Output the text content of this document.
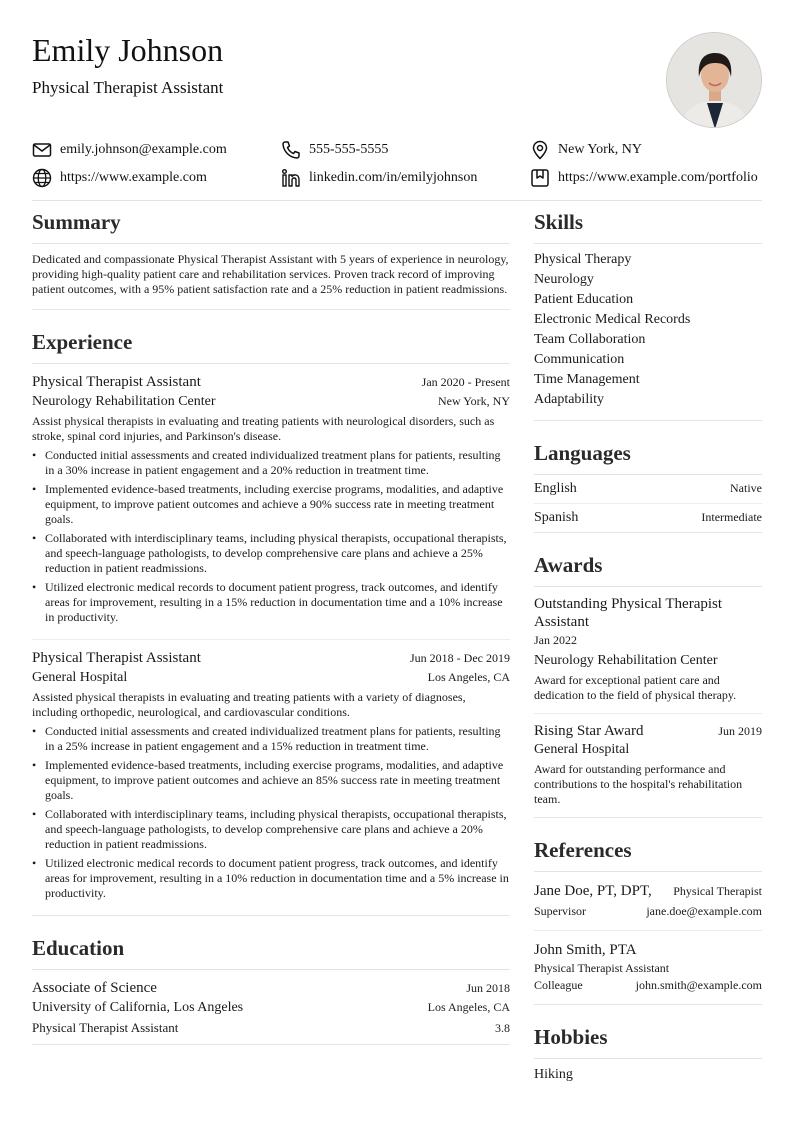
Emily Johnson
Physical Therapist Assistant
emily.johnson@example.com	555-555-5555	New York, NY
https://www.example.com	linkedin.com/in/emilyjohnson	https://www.example.com/portfolio
Summary

Dedicated and compassionate Physical Therapist Assistant with 5 years of experience in neurology, providing high-quality patient care and rehabilitation services. Proven track record of improving patient outcomes, with a 95% patient satisfaction rate and a 25% reduction in patient readmissions.

Experience
Physical Therapist Assistant	Jan 2020 - Present
Neurology Rehabilitation Center	New York, NY

Assist physical therapists in evaluating and treating patients with neurological disorders, such as stroke, spinal cord injuries, and Parkinson's disease.

• Conducted initial assessments and created individualized treatment plans for patients, resulting in a 30% increase in patient engagement and a 20% reduction in treatment time.
• Implemented evidence-based treatments, including exercise programs, modalities, and adaptive equipment, to improve patient outcomes and achieve a 90% success rate in meeting treatment goals.
• Collaborated with interdisciplinary teams, including physical therapists, occupational therapists, and speech-language pathologists, to develop comprehensive care plans and achieve a 25% reduction in patient readmissions.
• Utilized electronic medical records to document patient progress, track outcomes, and identify areas for improvement, resulting in a 15% reduction in documentation time and a 10% increase in productivity.
Physical Therapist Assistant	Jun 2018 - Dec 2019
General Hospital	Los Angeles, CA

Assisted physical therapists in evaluating and treating patients with a variety of diagnoses, including orthopedic, neurological, and cardiovascular conditions.

• Conducted initial assessments and created individualized treatment plans for patients, resulting in a 25% increase in patient engagement and a 15% reduction in treatment time.
• Implemented evidence-based treatments, including exercise programs, modalities, and adaptive equipment, to improve patient outcomes and achieve an 85% success rate in meeting treatment goals.
• Collaborated with interdisciplinary teams, including physical therapists, occupational therapists, and speech-language pathologists, to develop comprehensive care plans and achieve a 20% reduction in patient readmissions.
• Utilized electronic medical records to document patient progress, track outcomes, and identify areas for improvement, resulting in a 10% reduction in documentation time and a 5% increase in productivity.
Education
Associate of Science	Jun 2018
University of California, Los Angeles	Los Angeles, CA
Physical Therapist Assistant	3.8
Skills
Physical Therapy
Neurology
Patient Education
Electronic Medical Records
Team Collaboration
Communication
Time Management
Adaptability
Languages
English	Native
Spanish	Intermediate
Awards
Outstanding Physical Therapist Assistant
Jan 2022
Neurology Rehabilitation Center

Award for exceptional patient care and dedication to the field of physical therapy.

Rising Star Award	Jun 2019
General Hospital

Award for outstanding performance and contributions to the hospital's rehabilitation team.

References
Jane Doe, PT, DPT, Physical Therapist
Supervisor	jane.doe@example.com
John Smith, PTA
Physical Therapist Assistant
Colleague	john.smith@example.com
Hobbies
Hiking
